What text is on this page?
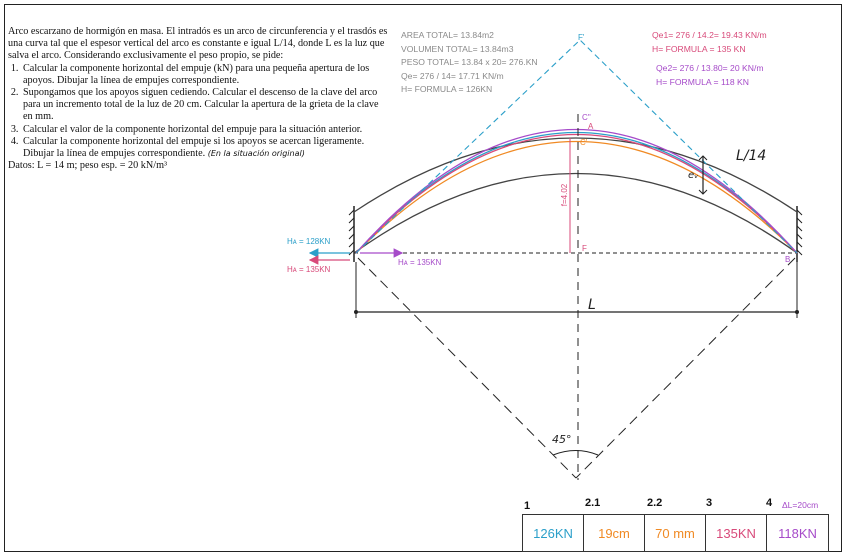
Arco escarzano de hormigón en masa. El intradós es un arco de circunferencia y el trasdós es una curva tal que el espesor vertical del arco es constante e igual L/14, donde L es la luz que salva el arco. Considerando exclusivamente el peso propio, se pide:

1. Calcular la componente horizontal del empuje (kN) para una pequeña apertura de los apoyos. Dibujar la línea de empujes correspondiente.
2. Supongamos que los apoyos siguen cediendo. Calcular el descenso de la clave del arco para un incremento total de la luz de 20 cm. Calcular la apertura de la grieta de la clave en mm.
3. Calcular el valor de la componente horizontal del empuje para la situación anterior.
4. Calcular la componente horizontal del empuje si los apoyos se acercan ligeramente. Dibujar la línea de empujes correspondiente. (En la situación original)

Datos: L = 14 m; peso esp. = 20 kN/m³

AREA TOTAL= 13.84m2
VOLUMEN TOTAL= 13.84m3
PESO TOTAL= 13.84 x 20= 276.KN
Qe= 276 / 14= 17.71 KN/m
H= FORMULA = 126KN
Qe1= 276 / 14.2= 19.43 KN/m
H= FORMULA = 135 KN
Qe2= 276 / 13.80= 20 KN/m
H= FORMULA = 118 KN
F'
C''
A
C'
f=4.02
F
B
eᵥ
L/14
L
45°
Hᴀ = 128KN
Hᴀ = 135KN
Hᴀ = 135KN
1	2.1	2.2	3	4 ΔL=20cm
126KN	19cm	70 mm	135KN	118KN
